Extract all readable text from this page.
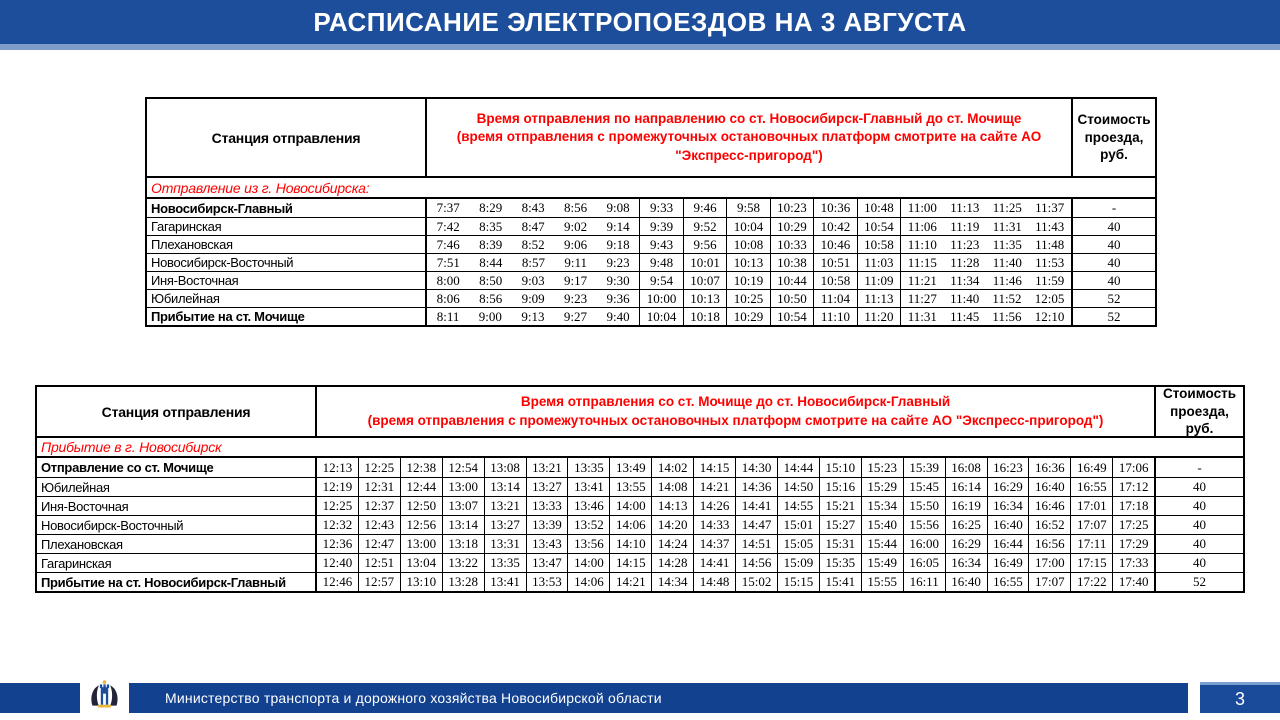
РАСПИСАНИЕ ЭЛЕКТРОПОЕЗДОВ НА 3 АВГУСТА
Станция отправления
Время отправления по направлению со ст. Новосибирск-Главный до ст. Мочище
(время отправления с промежуточных остановочных платформ смотрите на сайте АО "Экспресс-пригород")
Стоимость проезда, руб.
Отправление из г. Новосибирска:
Новосибирск-Главный	7:37 8:29 8:43 8:56 9:08 9:33 9:46 9:58 10:23 10:36 10:48 11:00 11:13 11:25 11:37	-
Гагаринская	7:42 8:35 8:47 9:02 9:14 9:39 9:52 10:04 10:29 10:42 10:54 11:06 11:19 11:31 11:43	40
Плехановская	7:46 8:39 8:52 9:06 9:18 9:43 9:56 10:08 10:33 10:46 10:58 11:10 11:23 11:35 11:48	40
Новосибирск-Восточный	7:51 8:44 8:57 9:11 9:23 9:48 10:01 10:13 10:38 10:51 11:03 11:15 11:28 11:40 11:53	40
Иня-Восточная	8:00 8:50 9:03 9:17 9:30 9:54 10:07 10:19 10:44 10:58 11:09 11:21 11:34 11:46 11:59	40
Юбилейная	8:06 8:56 9:09 9:23 9:36 10:00 10:13 10:25 10:50 11:04 11:13 11:27 11:40 11:52 12:05	52
Прибытие на ст. Мочище	8:11 9:00 9:13 9:27 9:40 10:04 10:18 10:29 10:54 11:10 11:20 11:31 11:45 11:56 12:10	52
Станция отправления
Время отправления со ст. Мочище до ст. Новосибирск-Главный
(время отправления с промежуточных остановочных платформ смотрите на сайте АО "Экспресс-пригород")
Стоимость проезда, руб.
Прибытие в г. Новосибирск
Отправление со ст. Мочище	12:13 12:25 12:38 12:54 13:08 13:21 13:35 13:49 14:02 14:15 14:30 14:44 15:10 15:23 15:39 16:08 16:23 16:36 16:49 17:06	-
Юбилейная	12:19 12:31 12:44 13:00 13:14 13:27 13:41 13:55 14:08 14:21 14:36 14:50 15:16 15:29 15:45 16:14 16:29 16:40 16:55 17:12	40
Иня-Восточная	12:25 12:37 12:50 13:07 13:21 13:33 13:46 14:00 14:13 14:26 14:41 14:55 15:21 15:34 15:50 16:19 16:34 16:46 17:01 17:18	40
Новосибирск-Восточный	12:32 12:43 12:56 13:14 13:27 13:39 13:52 14:06 14:20 14:33 14:47 15:01 15:27 15:40 15:56 16:25 16:40 16:52 17:07 17:25	40
Плехановская	12:36 12:47 13:00 13:18 13:31 13:43 13:56 14:10 14:24 14:37 14:51 15:05 15:31 15:44 16:00 16:29 16:44 16:56 17:11 17:29	40
Гагаринская	12:40 12:51 13:04 13:22 13:35 13:47 14:00 14:15 14:28 14:41 14:56 15:09 15:35 15:49 16:05 16:34 16:49 17:00 17:15 17:33	40
Прибытие на ст. Новосибирск-Главный	12:46 12:57 13:10 13:28 13:41 13:53 14:06 14:21 14:34 14:48 15:02 15:15 15:41 15:55 16:11 16:40 16:55 17:07 17:22 17:40	52
Министерство транспорта и дорожного хозяйства Новосибирской области	3
